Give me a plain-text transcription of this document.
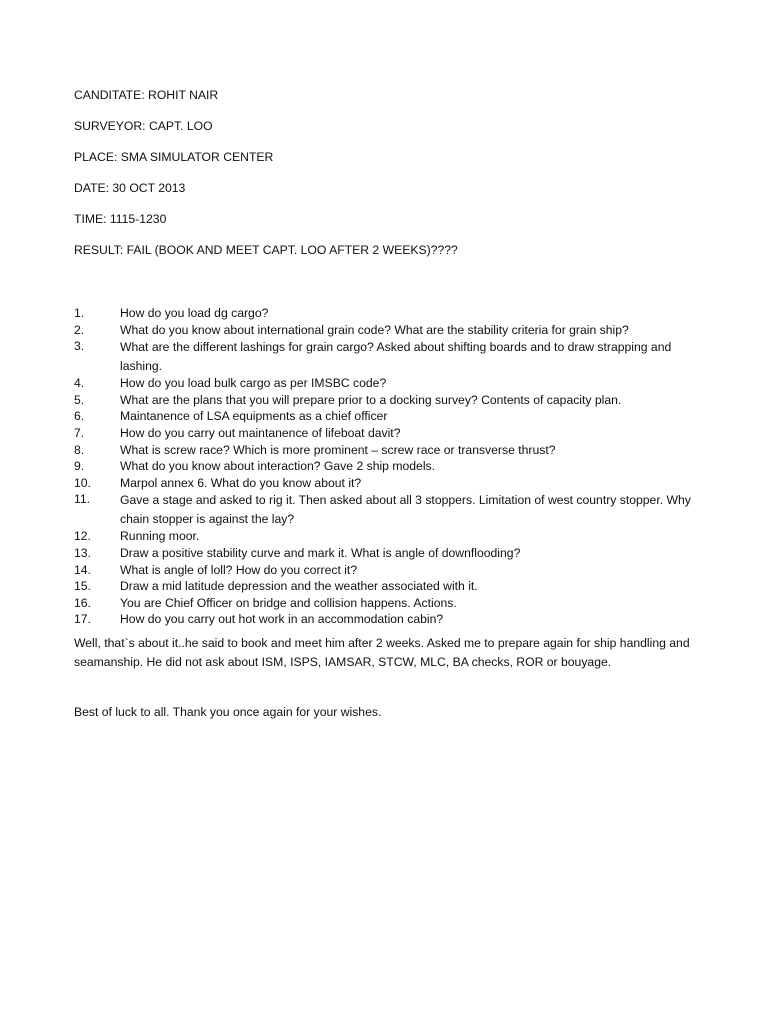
CANDITATE: ROHIT NAIR

SURVEYOR: CAPT. LOO

PLACE: SMA SIMULATOR CENTER

DATE: 30 OCT 2013

TIME: 1115-1230

RESULT: FAIL (BOOK AND MEET CAPT. LOO AFTER 2 WEEKS)????

1.	How do you load dg cargo?
2.	What do you know about international grain code? What are the stability criteria for grain ship?
3.	What are the different lashings for grain cargo? Asked about shifting boards and to draw strapping and lashing.
4.	How do you load bulk cargo as per IMSBC code?
5.	What are the plans that you will prepare prior to a docking survey? Contents of capacity plan.
6.	Maintanence of LSA equipments as a chief officer
7.	How do you carry out maintanence of lifeboat davit?
8.	What is screw race? Which is more prominent – screw race or transverse thrust?
9.	What do you know about interaction? Gave 2 ship models.
10.	Marpol annex 6. What do you know about it?
11.	Gave a stage and asked to rig it. Then asked about all 3 stoppers. Limitation of west country stopper. Why chain stopper is against the lay?
12.	Running moor.
13.	Draw a positive stability curve and mark it. What is angle of downflooding?
14.	What is angle of loll? How do you correct it?
15.	Draw a mid latitude depression and the weather associated with it.
16.	You are Chief Officer on bridge and collision happens. Actions.
17.	How do you carry out hot work in an accommodation cabin?

Well, that`s about it..he said to book and meet him after 2 weeks. Asked me to prepare again for ship handling and seamanship. He did not ask about ISM, ISPS, IAMSAR, STCW, MLC, BA checks, ROR or bouyage.

Best of luck to all. Thank you once again for your wishes.
